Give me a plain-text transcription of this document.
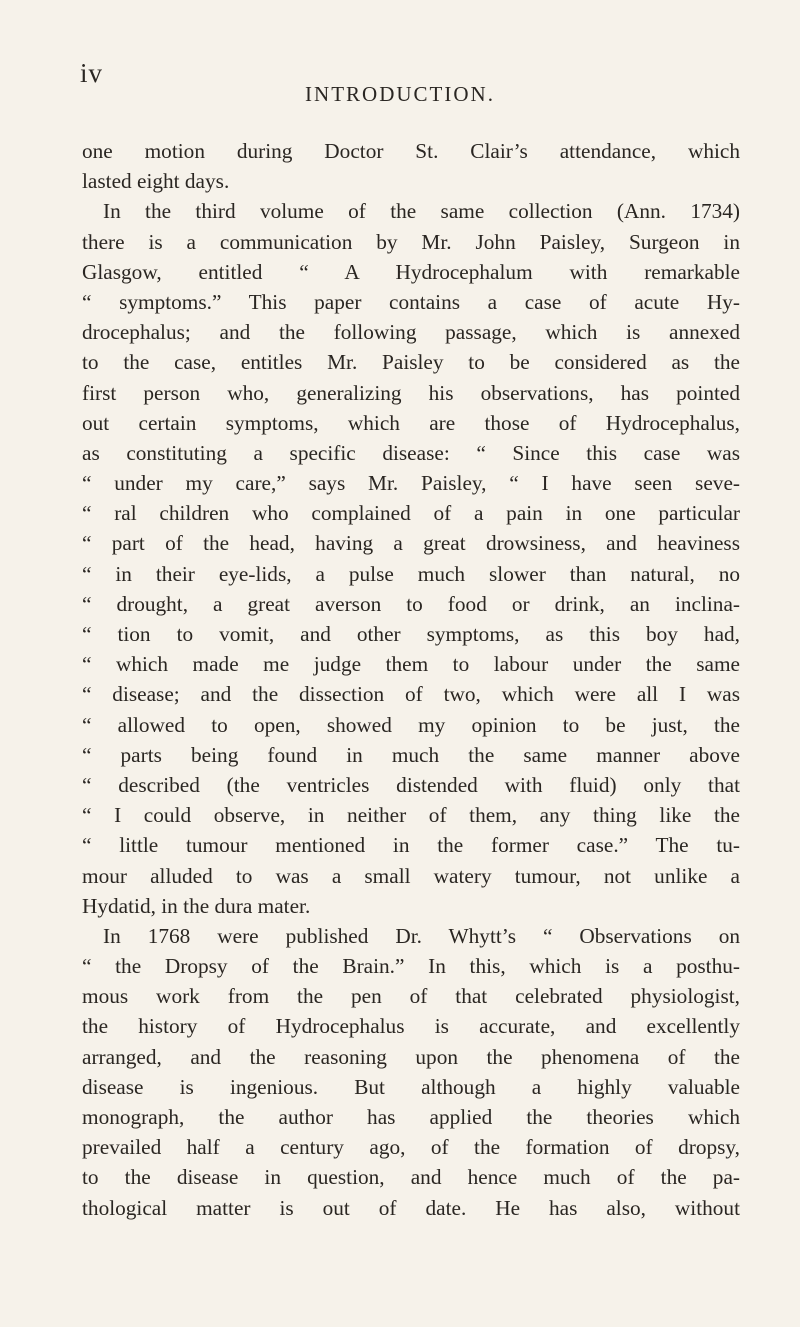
iv
INTRODUCTION.
one motion during Doctor St. Clair’s attendance, which
lasted eight days.
In the third volume of the same collection (Ann. 1734)
there is a communication by Mr. John Paisley, Surgeon in
Glasgow, entitled “ A Hydrocephalum with remarkable
“ symptoms.” This paper contains a case of acute Hy-
drocephalus; and the following passage, which is annexed
to the case, entitles Mr. Paisley to be considered as the
first person who, generalizing his observations, has pointed
out certain symptoms, which are those of Hydrocephalus,
as constituting a specific disease: “ Since this case was
“ under my care,” says Mr. Paisley, “ I have seen seve-
“ ral children who complained of a pain in one particular
“ part of the head, having a great drowsiness, and heaviness
“ in their eye-lids, a pulse much slower than natural, no
“ drought, a great averson to food or drink, an inclina-
“ tion to vomit, and other symptoms, as this boy had,
“ which made me judge them to labour under the same
“ disease; and the dissection of two, which were all I was
“ allowed to open, showed my opinion to be just, the
“ parts being found in much the same manner above
“ described (the ventricles distended with fluid) only that
“ I could observe, in neither of them, any thing like the
“ little tumour mentioned in the former case.” The tu-
mour alluded to was a small watery tumour, not unlike a
Hydatid, in the dura mater.
In 1768 were published Dr. Whytt’s “ Observations on
“ the Dropsy of the Brain.” In this, which is a posthu-
mous work from the pen of that celebrated physiologist,
the history of Hydrocephalus is accurate, and excellently
arranged, and the reasoning upon the phenomena of the
disease is ingenious. But although a highly valuable
monograph, the author has applied the theories which
prevailed half a century ago, of the formation of dropsy,
to the disease in question, and hence much of the pa-
thological matter is out of date. He has also, without
